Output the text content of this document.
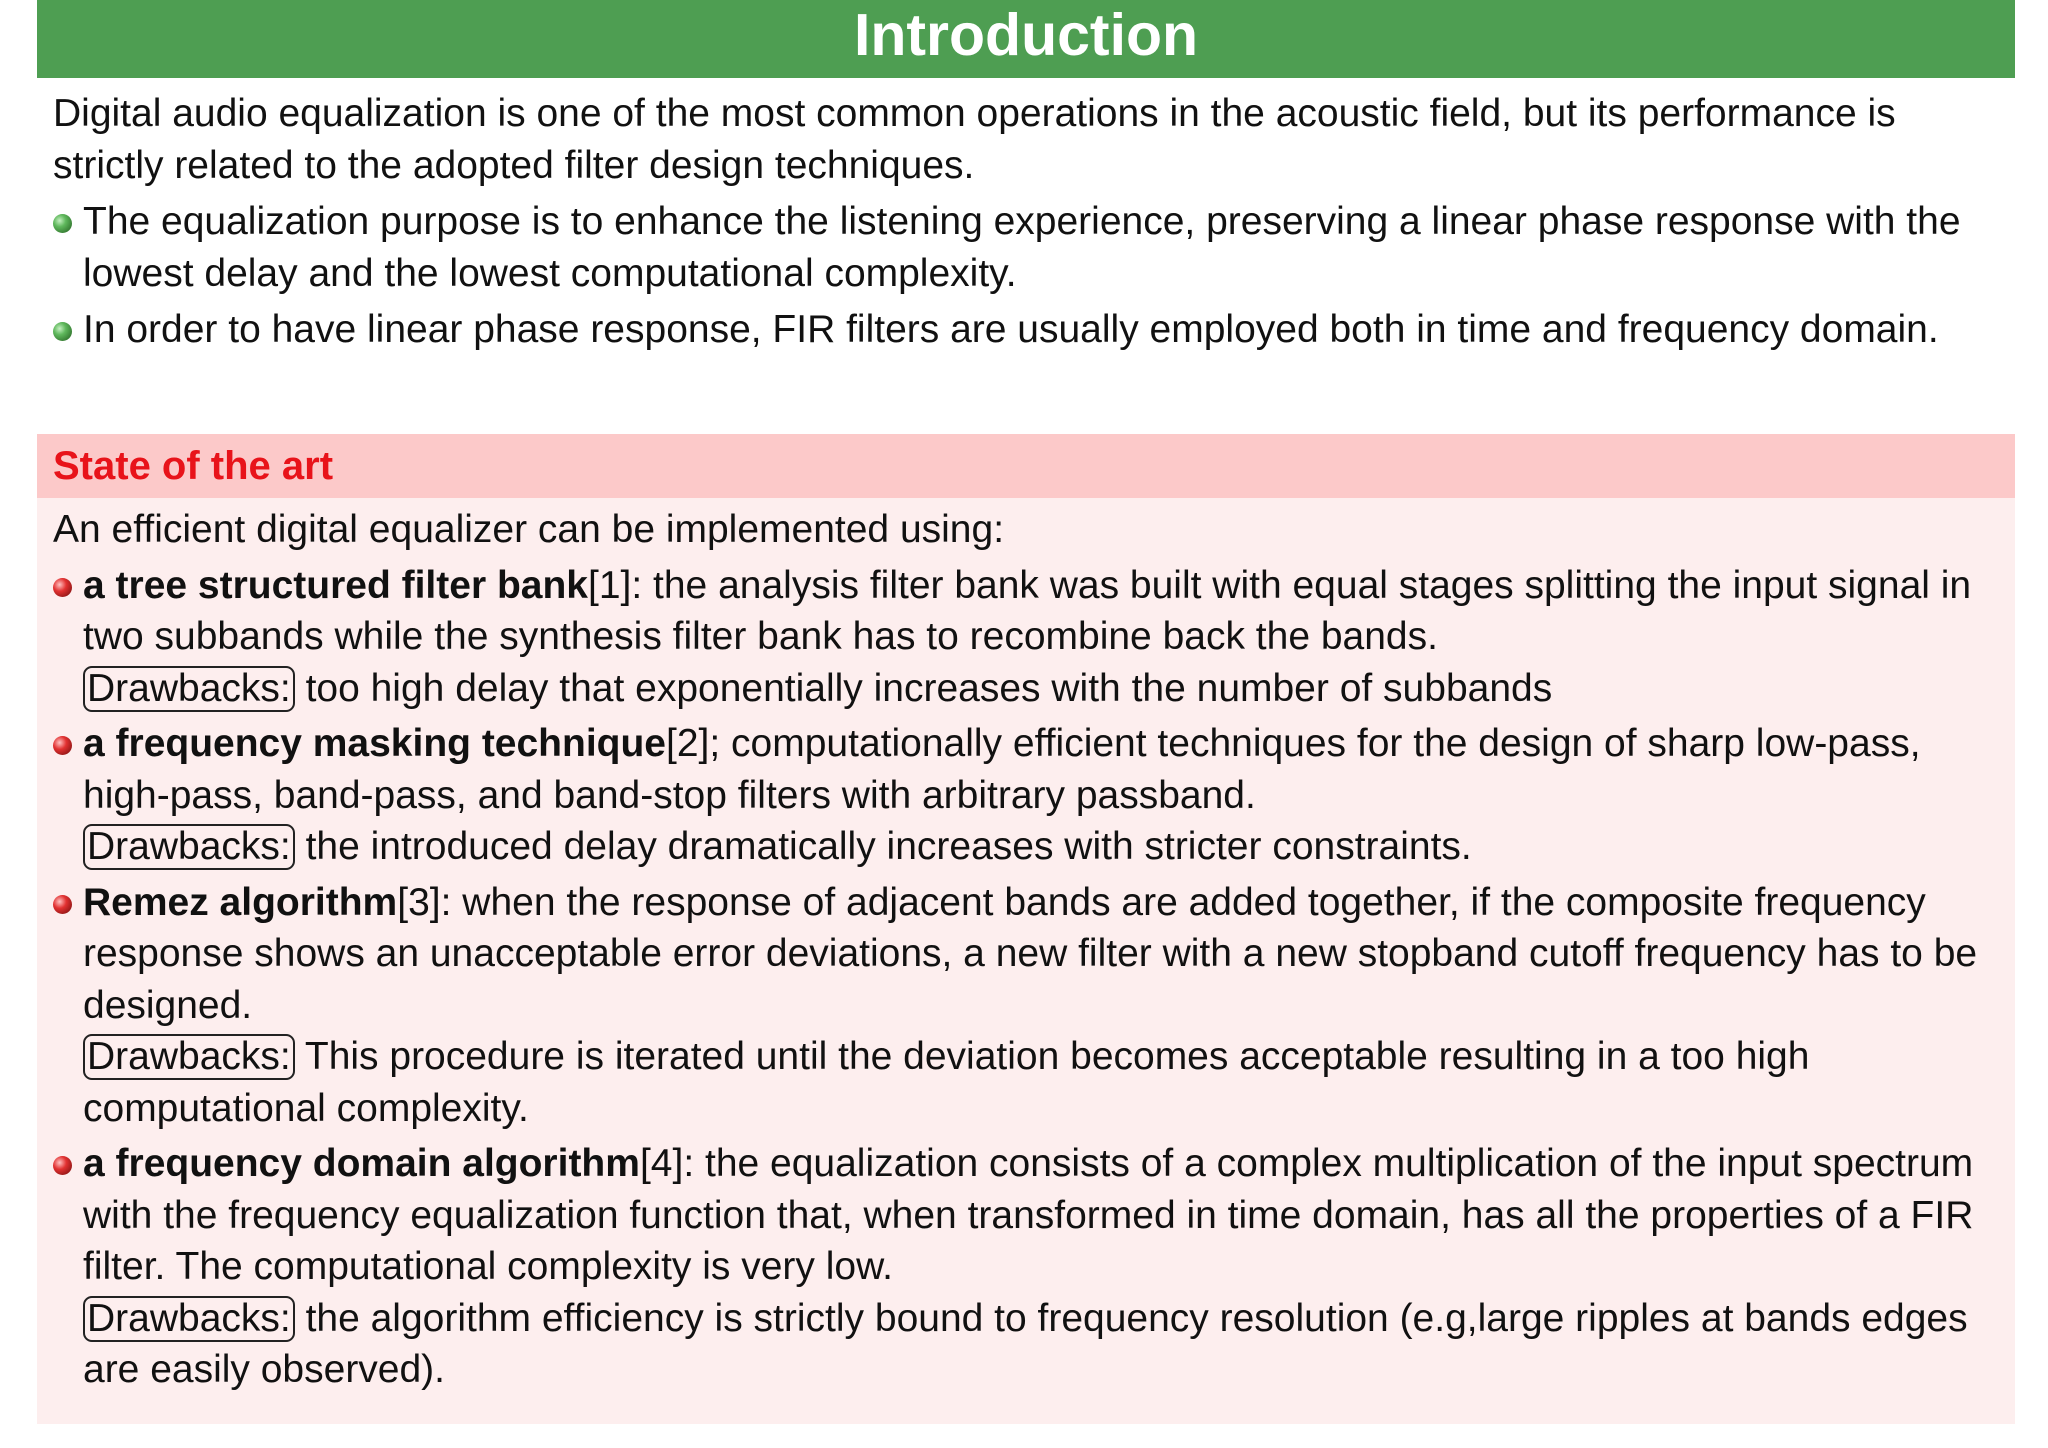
Introduction
Digital audio equalization is one of the most common operations in the acoustic field, but its performance is strictly related to the adopted filter design techniques.
The equalization purpose is to enhance the listening experience, preserving a linear phase response with the lowest delay and the lowest computational complexity.
In order to have linear phase response, FIR filters are usually employed both in time and frequency domain.
State of the art
An efficient digital equalizer can be implemented using:
a tree structured filter bank[1]: the analysis filter bank was built with equal stages splitting the input signal in two subbands while the synthesis filter bank has to recombine back the bands.
Drawbacks: too high delay that exponentially increases with the number of subbands
a frequency masking technique[2]; computationally efficient techniques for the design of sharp low-pass, high-pass, band-pass, and band-stop filters with arbitrary passband.
Drawbacks: the introduced delay dramatically increases with stricter constraints.
Remez algorithm[3]: when the response of adjacent bands are added together, if the composite frequency response shows an unacceptable error deviations, a new filter with a new stopband cutoff frequency has to be designed.
Drawbacks: This procedure is iterated until the deviation becomes acceptable resulting in a too high computational complexity.
a frequency domain algorithm[4]: the equalization consists of a complex multiplication of the input spectrum with the frequency equalization function that, when transformed in time domain, has all the properties of a FIR filter. The computational complexity is very low.
Drawbacks: the algorithm efficiency is strictly bound to frequency resolution (e.g,large ripples at bands edges are easily observed).
